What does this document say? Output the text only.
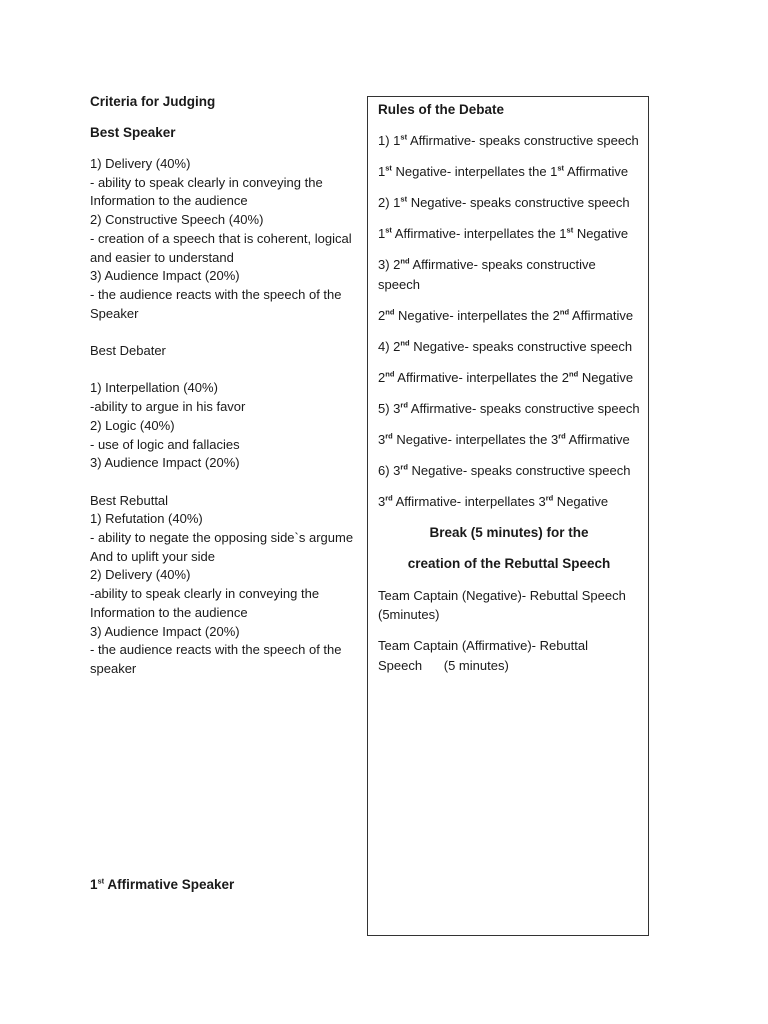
Criteria for Judging
Best Speaker
1) Delivery (40%)
- ability to speak clearly in conveying the
Information to the audience
2) Constructive Speech (40%)
- creation of a speech that is coherent, logical
and easier to understand
3) Audience Impact (20%)
- the audience reacts with the speech of the
Speaker
Best Debater
1) Interpellation (40%)
-ability to argue in his favor
2) Logic (40%)
- use of logic and fallacies
3) Audience Impact (20%)
Best Rebuttal
1) Refutation (40%)
- ability to negate the opposing side`s argume
And to uplift your side
2) Delivery (40%)
-ability to speak clearly in conveying the
Information to the audience
3) Audience Impact (20%)
- the audience reacts with the speech of the
speaker
1st Affirmative Speaker
Rules of the Debate
1) 1st Affirmative- speaks constructive speech
1st Negative- interpellates the 1st Affirmative
2) 1st Negative- speaks constructive speech
1st Affirmative- interpellates the 1st Negative
3) 2nd Affirmative- speaks constructive speech
2nd Negative- interpellates the 2nd Affirmative
4) 2nd Negative- speaks constructive speech
2nd Affirmative- interpellates the 2nd Negative
5) 3rd Affirmative- speaks constructive speech
3rd Negative- interpellates the 3rd Affirmative
6) 3rd Negative- speaks constructive speech
3rd Affirmative- interpellates 3rd Negative
Break (5 minutes) for the
creation of the Rebuttal Speech
Team Captain (Negative)- Rebuttal Speech (5minutes)
Team Captain (Affirmative)- Rebuttal
Speech      (5 minutes)
